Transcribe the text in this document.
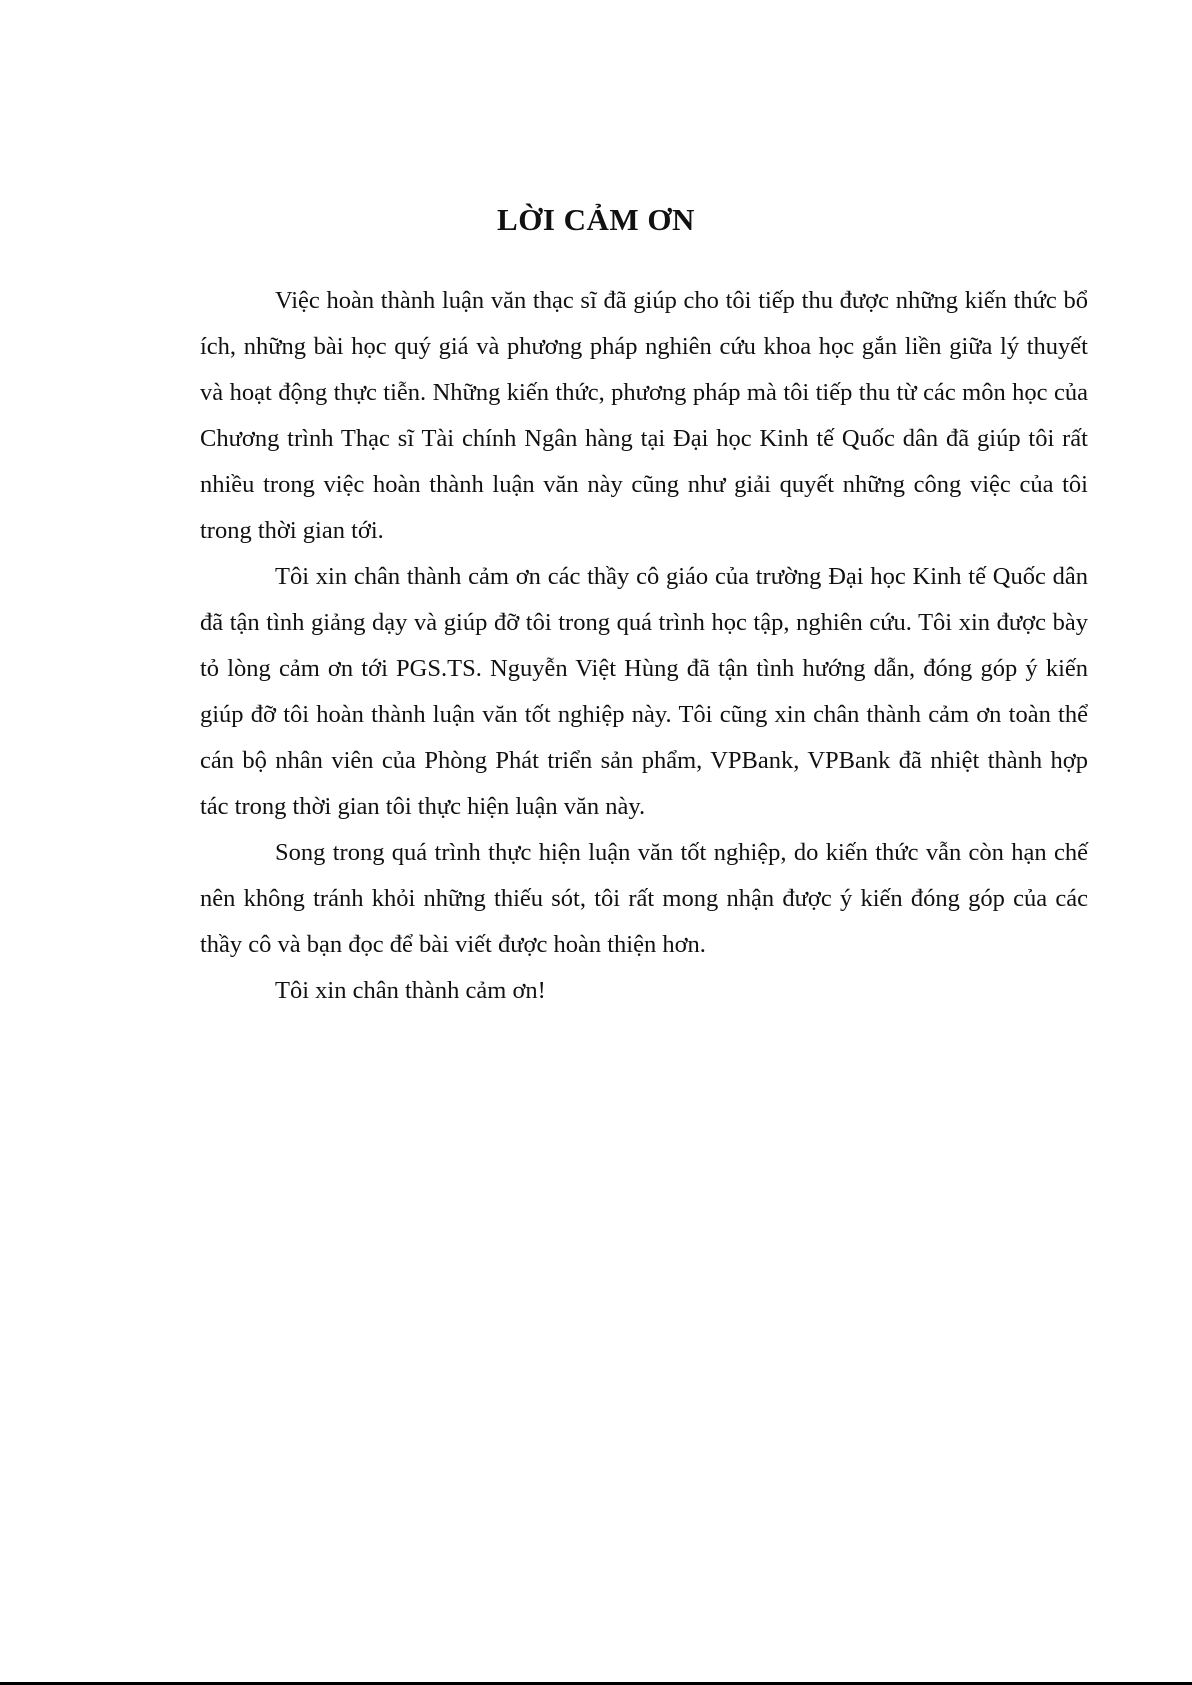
LỜI CẢM ƠN

Việc hoàn thành luận văn thạc sĩ đã giúp cho tôi tiếp thu được những kiến thức bổ ích, những bài học quý giá và phương pháp nghiên cứu khoa học gắn liền giữa lý thuyết và hoạt động thực tiễn. Những kiến thức, phương pháp mà tôi tiếp thu từ các môn học của Chương trình Thạc sĩ Tài chính Ngân hàng tại Đại học Kinh tế Quốc dân đã giúp tôi rất nhiều trong việc hoàn thành luận văn này cũng như giải quyết những công việc của tôi trong thời gian tới.

Tôi xin chân thành cảm ơn các thầy cô giáo của trường Đại học Kinh tế Quốc dân đã tận tình giảng dạy và giúp đỡ tôi trong quá trình học tập, nghiên cứu. Tôi xin được bày tỏ lòng cảm ơn tới PGS.TS. Nguyễn Việt Hùng đã tận tình hướng dẫn, đóng góp ý kiến giúp đỡ tôi hoàn thành luận văn tốt nghiệp này. Tôi cũng xin chân thành cảm ơn toàn thể cán bộ nhân viên của Phòng Phát triển sản phẩm, VPBank, VPBank đã nhiệt thành hợp tác trong thời gian tôi thực hiện luận văn này.

Song trong quá trình thực hiện luận văn tốt nghiệp, do kiến thức vẫn còn hạn chế nên không tránh khỏi những thiếu sót, tôi rất mong nhận được ý kiến đóng góp của các thầy cô và bạn đọc để bài viết được hoàn thiện hơn.

Tôi xin chân thành cảm ơn!
